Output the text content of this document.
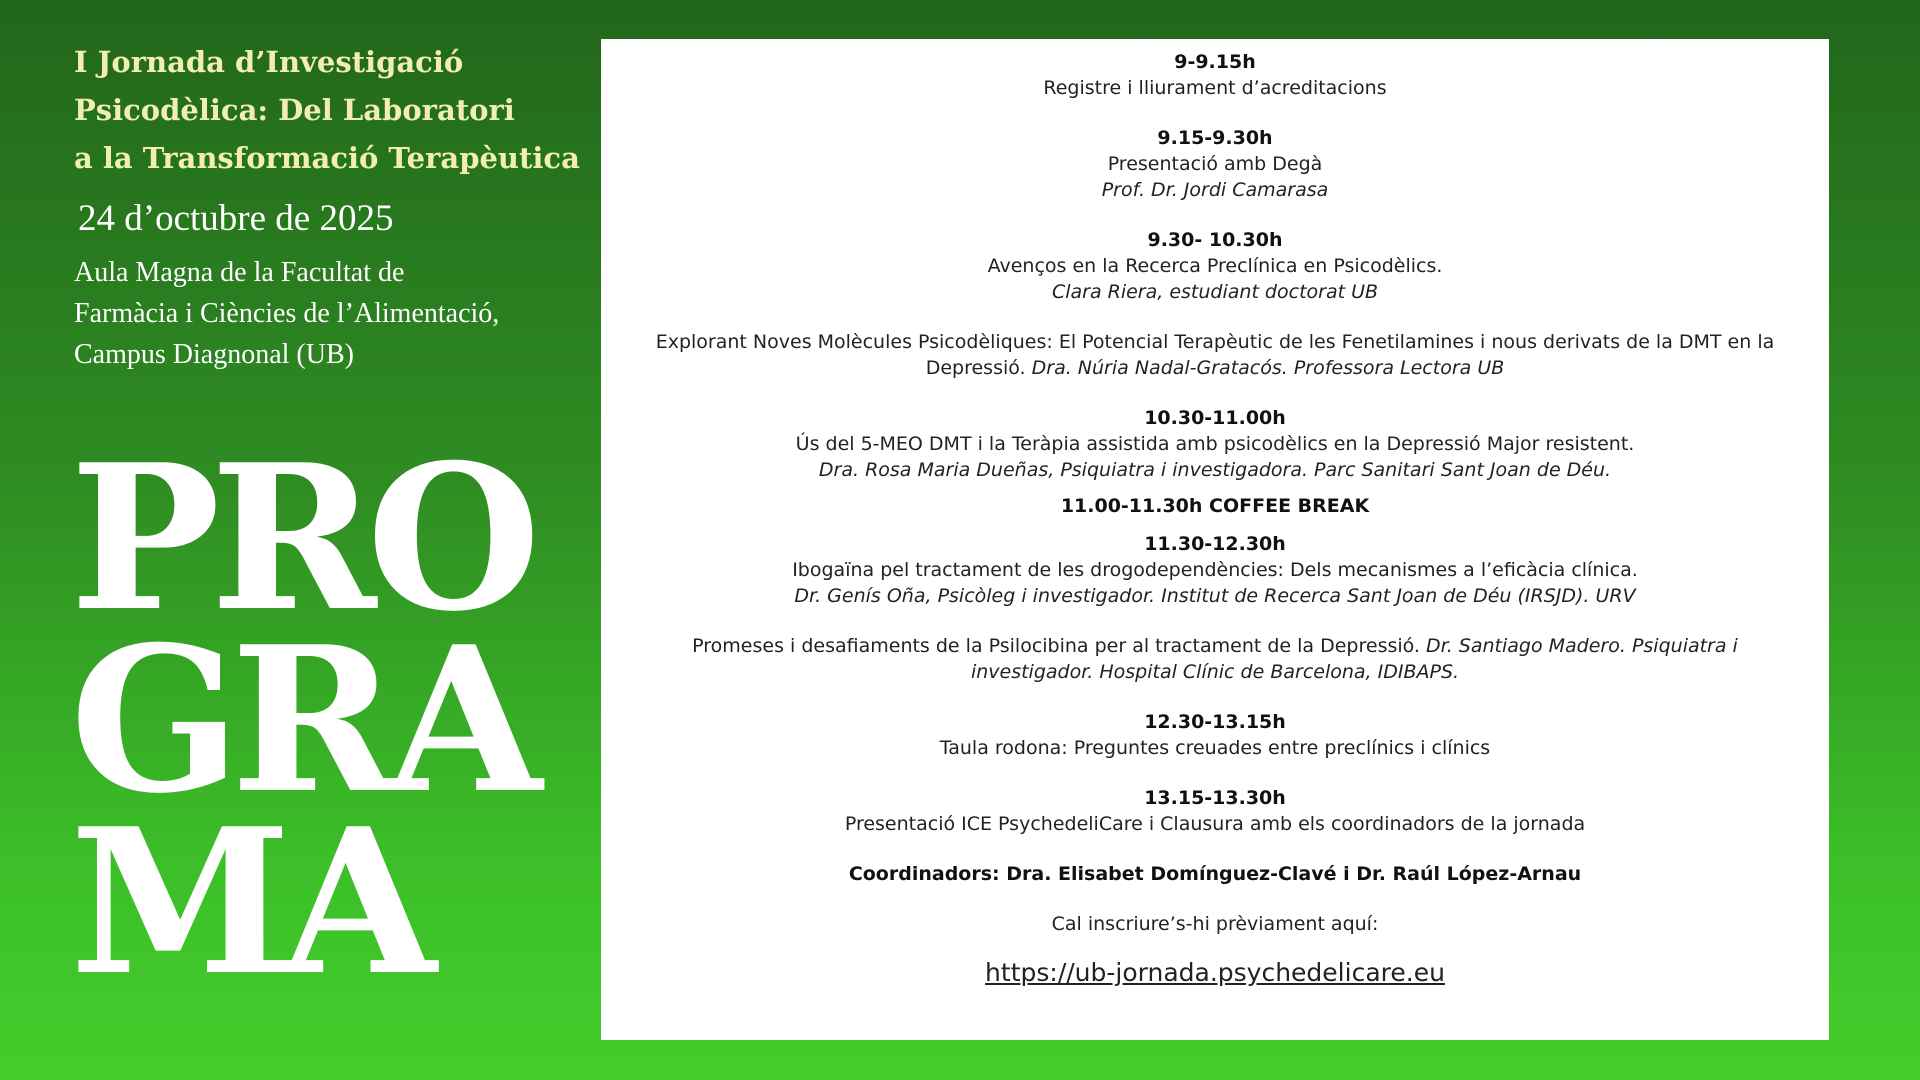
I Jornada d’Investigació
Psicodèlica: Del Laboratori
a la Transformació Terapèutica
24 d’octubre de 2025
Aula Magna de la Facultat de
Farmàcia i Ciències de l’Alimentació,
Campus Diagnonal (UB)
PRO
GRA
MA

9-9.15h

Registre i lliurament d’acreditacions

9.15-9.30h

Presentació amb Degà

Prof. Dr. Jordi Camarasa

9.30- 10.30h

Avenços en la Recerca Preclínica en Psicodèlics.

Clara Riera, estudiant doctorat UB

Explorant Noves Molècules Psicodèliques: El Potencial Terapèutic de les Fenetilamines i nous derivats de la DMT en la

Depressió. Dra. Núria Nadal-Gratacós. Professora Lectora UB

10.30-11.00h

Ús del 5-MEO DMT i la Teràpia assistida amb psicodèlics en la Depressió Major resistent.

Dra. Rosa Maria Dueñas, Psiquiatra i investigadora. Parc Sanitari Sant Joan de Déu.

11.00-11.30h COFFEE BREAK

11.30-12.30h

Ibogaïna pel tractament de les drogodependències: Dels mecanismes a l’eficàcia clínica.

Dr. Genís Oña, Psicòleg i investigador. Institut de Recerca Sant Joan de Déu (IRSJD). URV

Promeses i desafiaments de la Psilocibina per al tractament de la Depressió. Dr. Santiago Madero. Psiquiatra i

investigador. Hospital Clínic de Barcelona, IDIBAPS.

12.30-13.15h

Taula rodona: Preguntes creuades entre preclínics i clínics

13.15-13.30h

Presentació ICE PsychedeliCare i Clausura amb els coordinadors de la jornada

Coordinadors: Dra. Elisabet Domínguez-Clavé i Dr. Raúl López-Arnau

Cal inscriure’s-hi prèviament aquí:

https://ub-jornada.psychedelicare.eu
